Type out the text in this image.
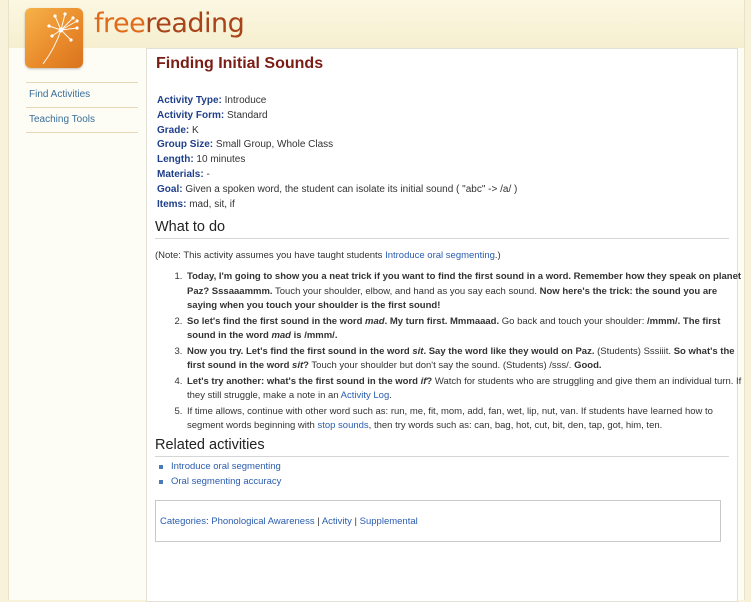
freereading
Find Activities
Teaching Tools
Finding Initial Sounds
Activity Type: Introduce
Activity Form: Standard
Grade: K
Group Size: Small Group, Whole Class
Length: 10 minutes
Materials: -
Goal: Given a spoken word, the student can isolate its initial sound ( "abc" -> /a/ )
Items: mad, sit, if
What to do
(Note: This activity assumes you have taught students Introduce oral segmenting.)
1. Today, I'm going to show you a neat trick if you want to find the first sound in a word. Remember how they speak on planet Paz? Sssaaammm. Touch your shoulder, elbow, and hand as you say each sound. Now here's the trick: the sound you are saying when you touch your shoulder is the first sound!
2. So let's find the first sound in the word mad. My turn first. Mmmaaad. Go back and touch your shoulder: /mmm/. The first sound in the word mad is /mmm/.
3. Now you try. Let's find the first sound in the word sit. Say the word like they would on Paz. (Students) Sssiiit. So what's the first sound in the word sit? Touch your shoulder but don't say the sound. (Students) /sss/. Good.
4. Let's try another: what's the first sound in the word if? Watch for students who are struggling and give them an individual turn. If they still struggle, make a note in an Activity Log.
5. If time allows, continue with other word such as: run, me, fit, mom, add, fan, wet, lip, nut, van. If students have learned how to segment words beginning with stop sounds, then try words such as: can, bag, hot, cut, bit, den, tap, got, him, ten.
Related activities
Introduce oral segmenting
Oral segmenting accuracy
Categories: Phonological Awareness | Activity | Supplemental
